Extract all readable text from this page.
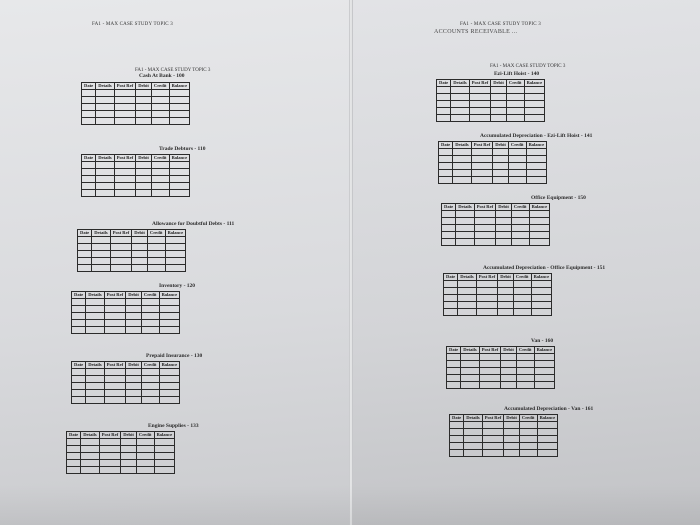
FA1 - MAX CASE STUDY TOPIC 3	FA1 - MAX CASE STUDY TOPIC 3
ACCOUNTS RECEIVABLE ...
FA1 - MAX CASE STUDY TOPIC 3
Cash At Bank - 100
Date	Details	Post Ref	Debit	Credit	Balance

Trade Debtors - 110
Date	Details	Post Ref	Debit	Credit	Balance

Allowance for Doubtful Debts - 111
Date	Details	Post Ref	Debit	Credit	Balance

Inventory - 120
Date	Details	Post Ref	Debit	Credit	Balance

Prepaid Insurance - 130
Date	Details	Post Ref	Debit	Credit	Balance

Engine Supplies - 133
Date	Details	Post Ref	Debit	Credit	Balance

FA1 - MAX CASE STUDY TOPIC 3
Ezi-Lift Hoist - 140
Date	Details	Post Ref	Debit	Credit	Balance

Accumulated Depreciation - Ezi-Lift Hoist - 141
Date	Details	Post Ref	Debit	Credit	Balance

Office Equipment - 150
Date	Details	Post Ref	Debit	Credit	Balance

Accumulated Depreciation - Office Equipment - 151
Date	Details	Post Ref	Debit	Credit	Balance

Van - 160
Date	Details	Post Ref	Debit	Credit	Balance

Accumulated Depreciation - Van - 161
Date	Details	Post Ref	Debit	Credit	Balance
